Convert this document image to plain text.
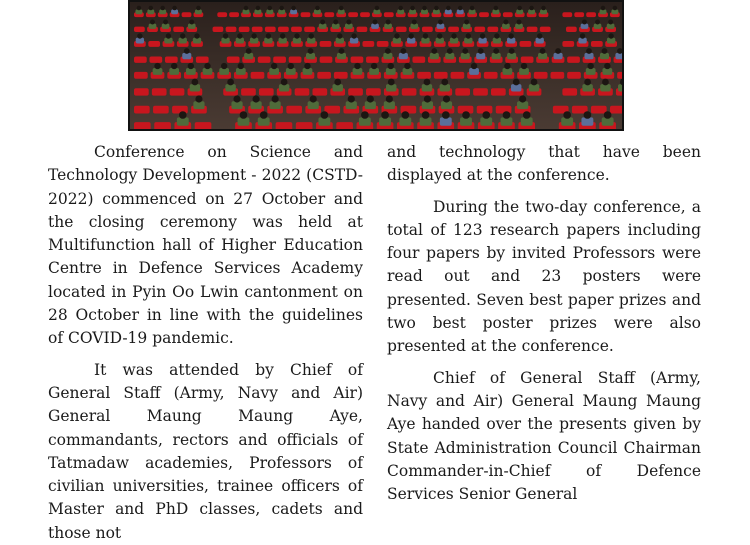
Conference on Science and Technology Development - 2022 (CSTD-2022) commenced on 27 October and the closing ceremony was held at Multifunction hall of Higher Education Centre in Defence Services Academy located in Pyin Oo Lwin cantonment on 28 October in line with the guidelines of COVID-19 pandemic.

It was attended by Chief of General Staff (Army, Navy and Air) General Maung Maung Aye, commandants, rectors and officials of Tatmadaw academies, Professors of civilian universities, trainee officers of Master and PhD classes, cadets and those not

and technology that have been displayed at the conference.

During the two-day conference, a total of 123 research papers including four papers by invited Professors were read out and 23 posters were presented. Seven best paper prizes and two best poster prizes were also presented at the conference.

Chief of General Staff (Army, Navy and Air) General Maung Maung Aye handed over the presents given by State Administration Council Chairman Commander-in-Chief of Defence Services Senior General
